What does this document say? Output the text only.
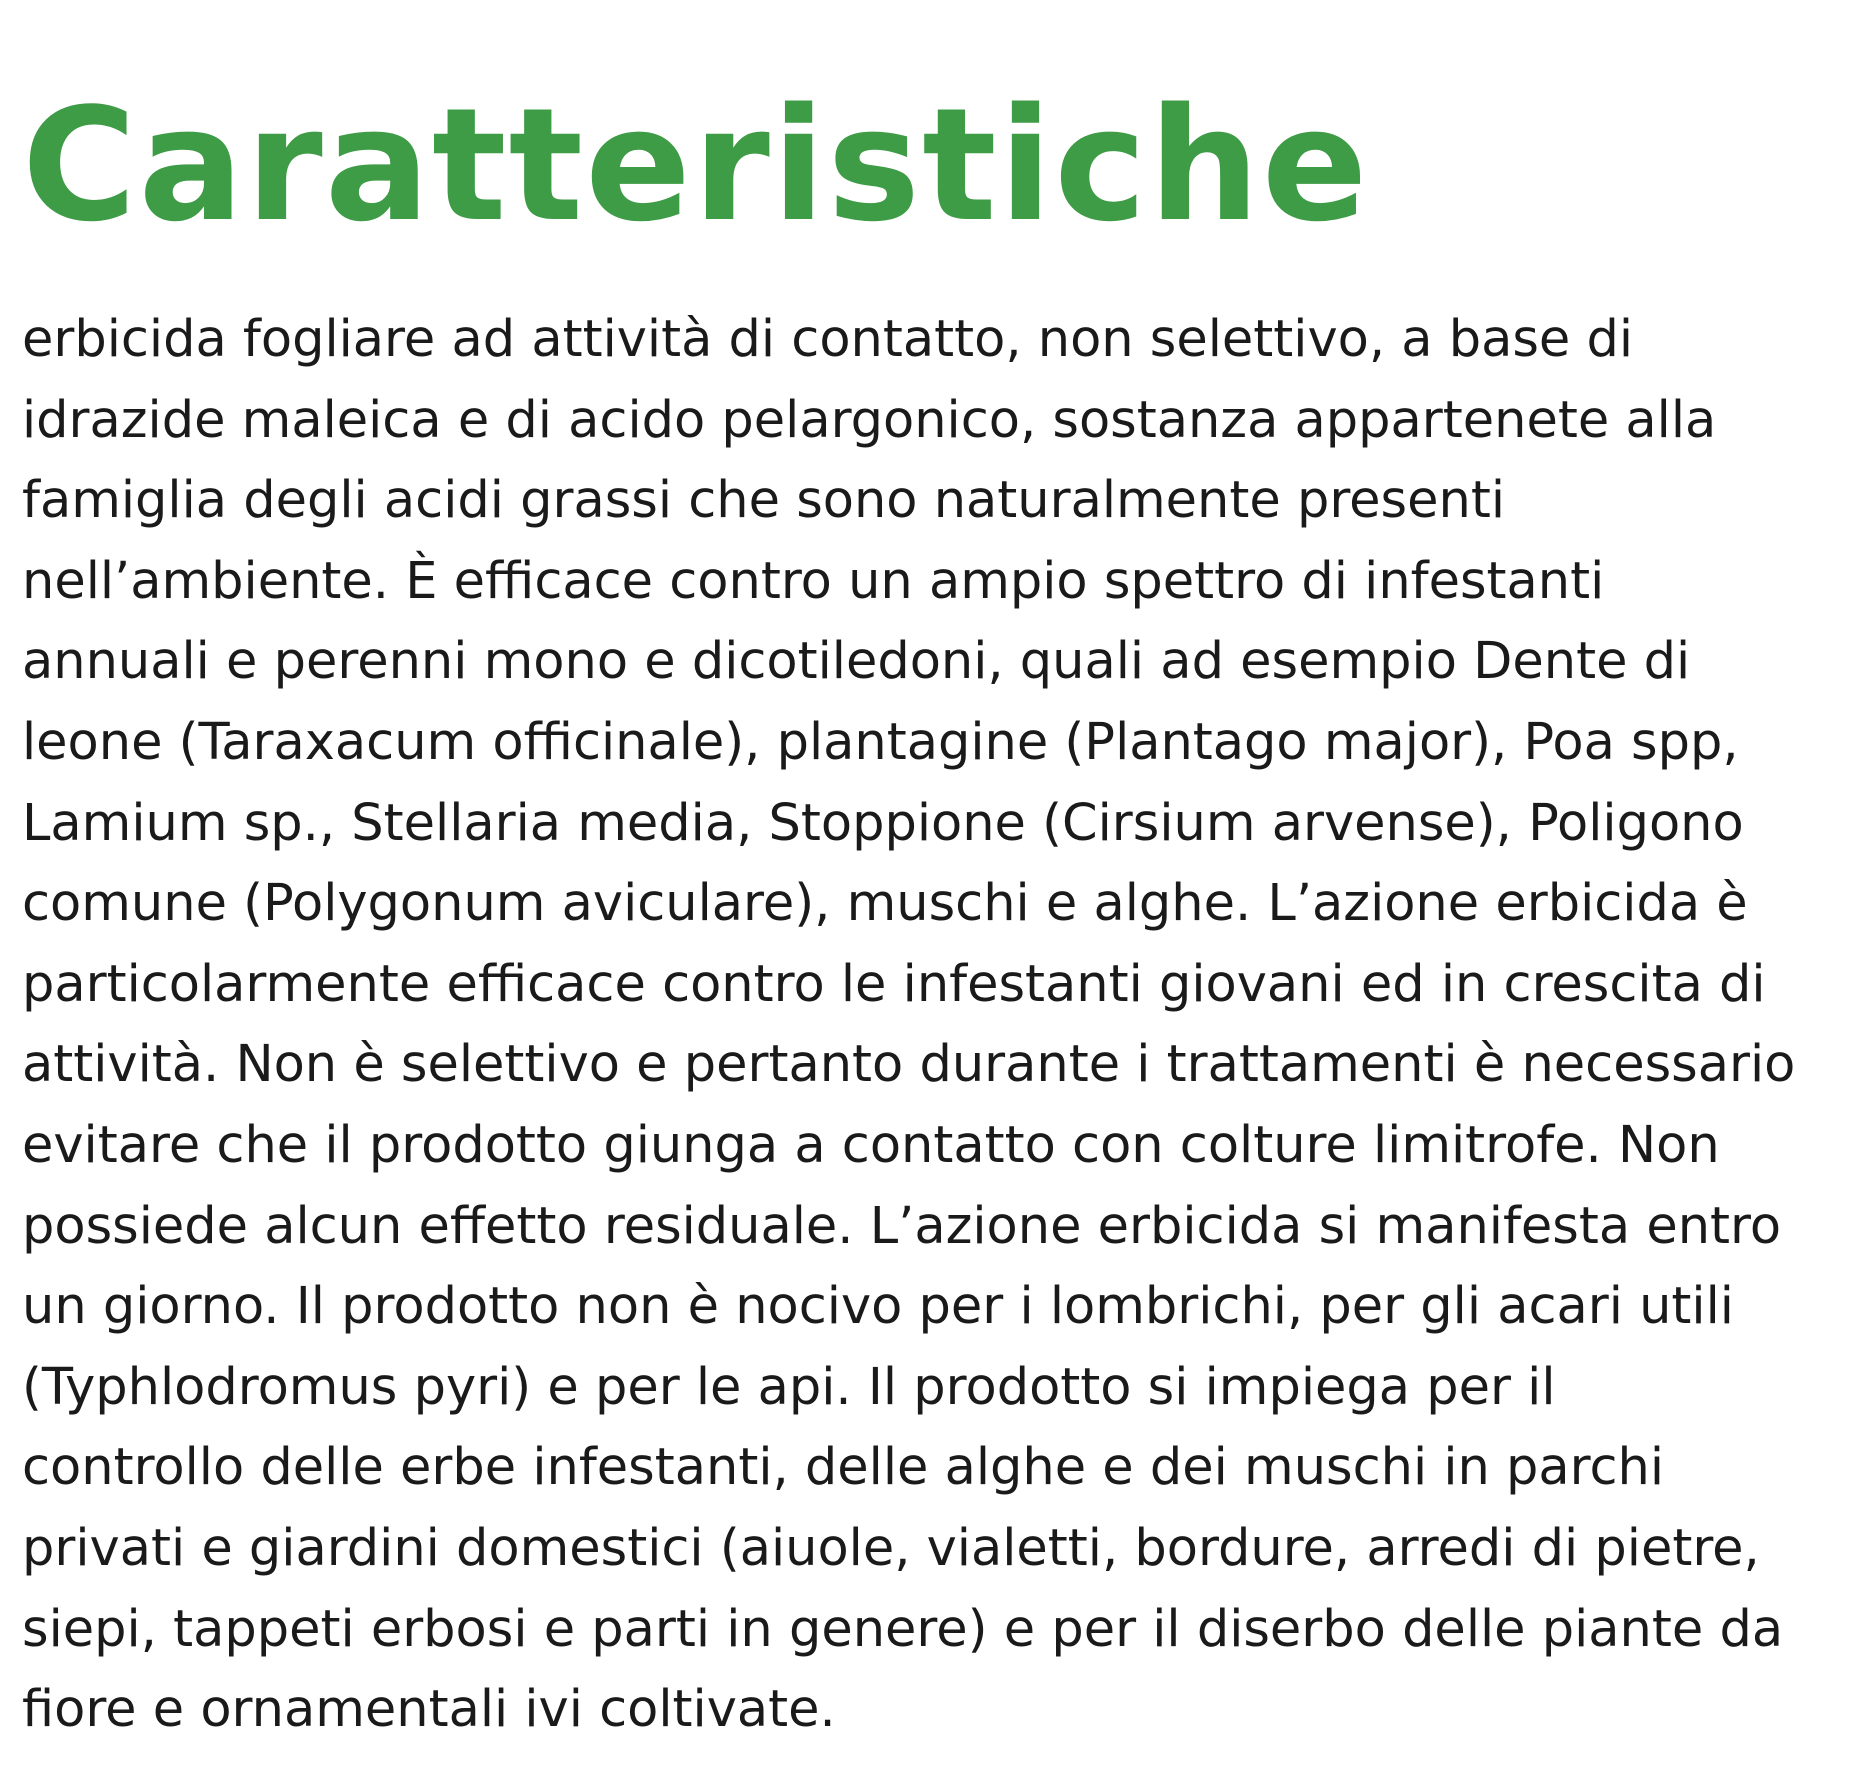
Caratteristiche

erbicida fogliare ad attività di contatto, non selettivo, a base di
idrazide maleica e di acido pelargonico, sostanza appartenete alla
famiglia degli acidi grassi che sono naturalmente presenti
nell’ambiente. È efficace contro un ampio spettro di infestanti
annuali e perenni mono e dicotiledoni, quali ad esempio Dente di
leone (Taraxacum officinale), plantagine (Plantago major), Poa spp,
Lamium sp., Stellaria media, Stoppione (Cirsium arvense), Poligono
comune (Polygonum aviculare), muschi e alghe. L’azione erbicida è
particolarmente efficace contro le infestanti giovani ed in crescita di
attività. Non è selettivo e pertanto durante i trattamenti è necessario
evitare che il prodotto giunga a contatto con colture limitrofe. Non
possiede alcun effetto residuale. L’azione erbicida si manifesta entro
un giorno. Il prodotto non è nocivo per i lombrichi, per gli acari utili
(Typhlodromus pyri) e per le api. Il prodotto si impiega per il
controllo delle erbe infestanti, delle alghe e dei muschi in parchi
privati e giardini domestici (aiuole, vialetti, bordure, arredi di pietre,
siepi, tappeti erbosi e parti in genere) e per il diserbo delle piante da
fiore e ornamentali ivi coltivate.
